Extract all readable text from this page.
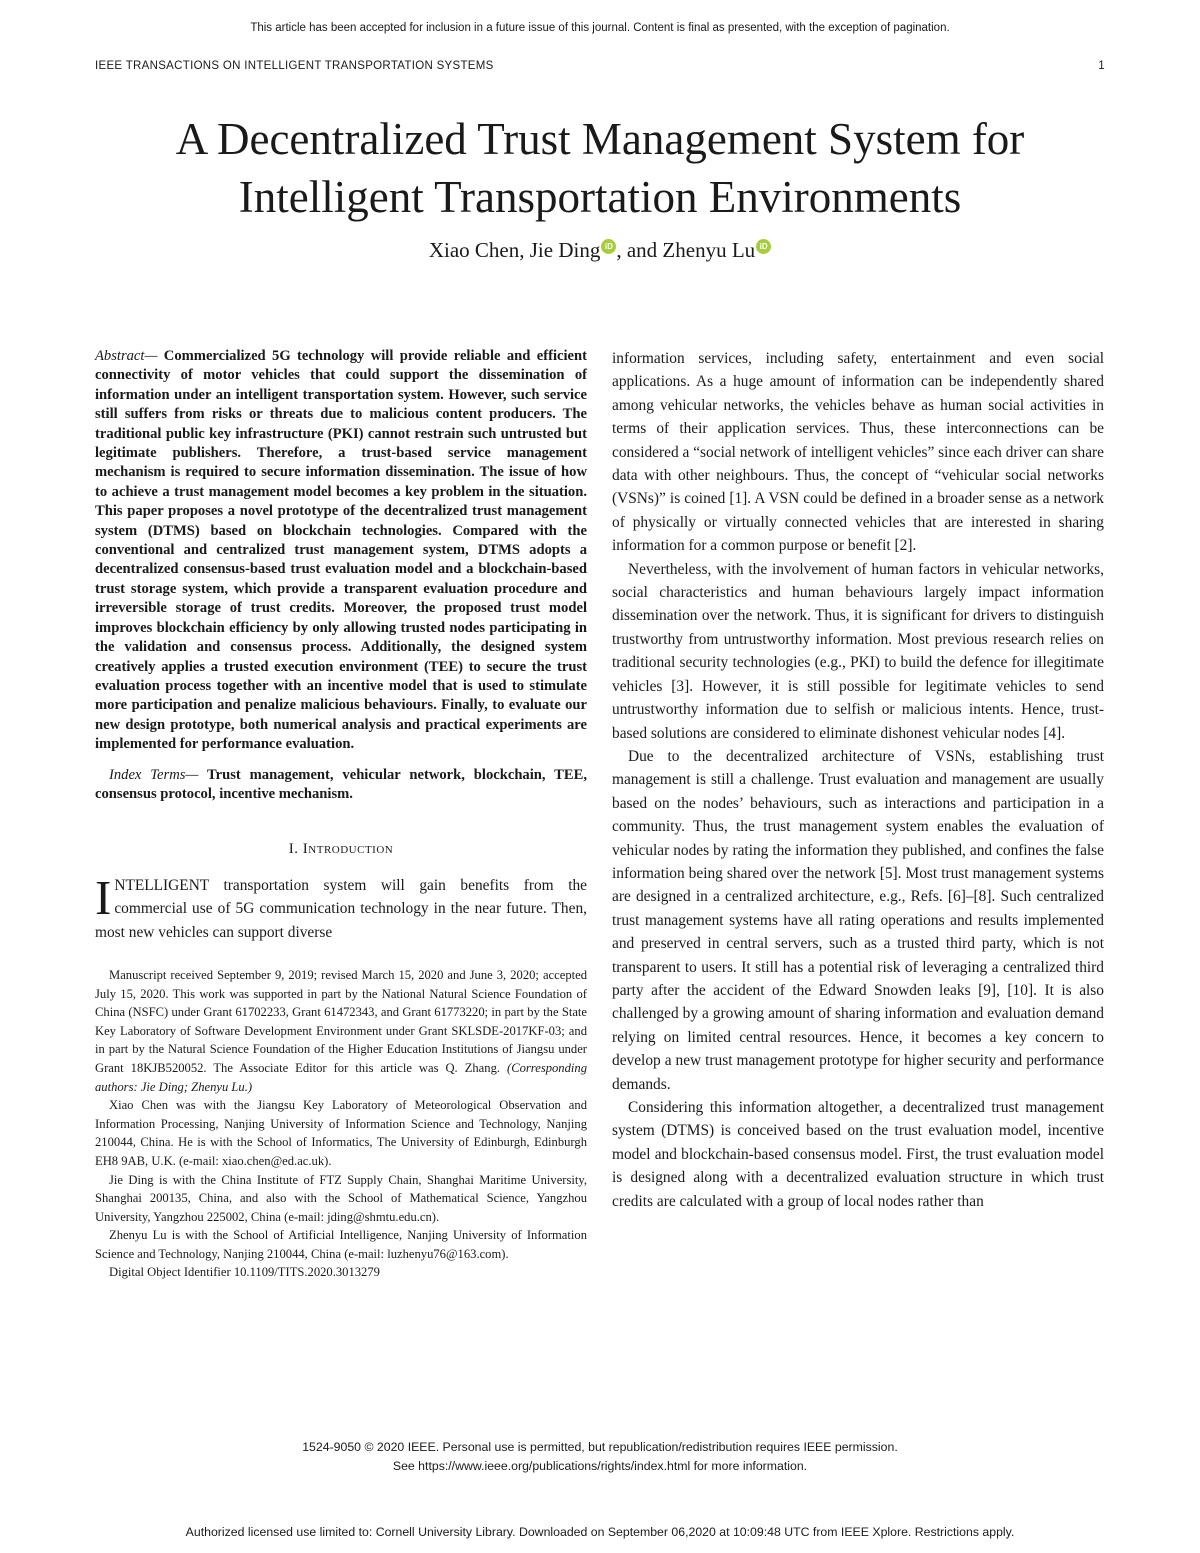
This article has been accepted for inclusion in a future issue of this journal. Content is final as presented, with the exception of pagination.
IEEE TRANSACTIONS ON INTELLIGENT TRANSPORTATION SYSTEMS	1
A Decentralized Trust Management System for
Intelligent Transportation Environments
Xiao Chen, Jie Ding iD , and Zhenyu Lu iD

Abstract— Commercialized 5G technology will provide reliable and efficient connectivity of motor vehicles that could support the dissemination of information under an intelligent transportation system. However, such service still suffers from risks or threats due to malicious content producers. The traditional public key infrastructure (PKI) cannot restrain such untrusted but legitimate publishers. Therefore, a trust-based service management mechanism is required to secure information dissemination. The issue of how to achieve a trust management model becomes a key problem in the situation. This paper proposes a novel prototype of the decentralized trust management system (DTMS) based on blockchain technologies. Compared with the conventional and centralized trust management system, DTMS adopts a decentralized consensus-based trust evaluation model and a blockchain-based trust storage system, which provide a transparent evaluation procedure and irreversible storage of trust credits. Moreover, the proposed trust model improves blockchain efficiency by only allowing trusted nodes participating in the validation and consensus process. Additionally, the designed system creatively applies a trusted execution environment (TEE) to secure the trust evaluation process together with an incentive model that is used to stimulate more participation and penalize malicious behaviours. Finally, to evaluate our new design prototype, both numerical analysis and practical experiments are implemented for performance evaluation.

Index Terms— Trust management, vehicular network, blockchain, TEE, consensus protocol, incentive mechanism.

I. Introduction

INTELLIGENT transportation system will gain benefits from the commercial use of 5G communication technology in the near future. Then, most new vehicles can support diverse

Manuscript received September 9, 2019; revised March 15, 2020 and June 3, 2020; accepted July 15, 2020. This work was supported in part by the National Natural Science Foundation of China (NSFC) under Grant 61702233, Grant 61472343, and Grant 61773220; in part by the State Key Laboratory of Software Development Environment under Grant SKLSDE-2017KF-03; and in part by the Natural Science Foundation of the Higher Education Institutions of Jiangsu under Grant 18KJB520052. The Associate Editor for this article was Q. Zhang. (Corresponding authors: Jie Ding; Zhenyu Lu.)

Xiao Chen was with the Jiangsu Key Laboratory of Meteorological Observation and Information Processing, Nanjing University of Information Science and Technology, Nanjing 210044, China. He is with the School of Informatics, The University of Edinburgh, Edinburgh EH8 9AB, U.K. (e-mail: xiao.chen@ed.ac.uk).

Jie Ding is with the China Institute of FTZ Supply Chain, Shanghai Maritime University, Shanghai 200135, China, and also with the School of Mathematical Science, Yangzhou University, Yangzhou 225002, China (e-mail: jding@shmtu.edu.cn).

Zhenyu Lu is with the School of Artificial Intelligence, Nanjing University of Information Science and Technology, Nanjing 210044, China (e-mail: luzhenyu76@163.com).

Digital Object Identifier 10.1109/TITS.2020.3013279

information services, including safety, entertainment and even social applications. As a huge amount of information can be independently shared among vehicular networks, the vehicles behave as human social activities in terms of their application services. Thus, these interconnections can be considered a “social network of intelligent vehicles” since each driver can share data with other neighbours. Thus, the concept of “vehicular social networks (VSNs)” is coined [1]. A VSN could be defined in a broader sense as a network of physically or virtually connected vehicles that are interested in sharing information for a common purpose or benefit [2].

Nevertheless, with the involvement of human factors in vehicular networks, social characteristics and human behaviours largely impact information dissemination over the network. Thus, it is significant for drivers to distinguish trustworthy from untrustworthy information. Most previous research relies on traditional security technologies (e.g., PKI) to build the defence for illegitimate vehicles [3]. However, it is still possible for legitimate vehicles to send untrustworthy information due to selfish or malicious intents. Hence, trust-based solutions are considered to eliminate dishonest vehicular nodes [4].

Due to the decentralized architecture of VSNs, establishing trust management is still a challenge. Trust evaluation and management are usually based on the nodes’ behaviours, such as interactions and participation in a community. Thus, the trust management system enables the evaluation of vehicular nodes by rating the information they published, and confines the false information being shared over the network [5]. Most trust management systems are designed in a centralized architecture, e.g., Refs. [6]–[8]. Such centralized trust management systems have all rating operations and results implemented and preserved in central servers, such as a trusted third party, which is not transparent to users. It still has a potential risk of leveraging a centralized third party after the accident of the Edward Snowden leaks [9], [10]. It is also challenged by a growing amount of sharing information and evaluation demand relying on limited central resources. Hence, it becomes a key concern to develop a new trust management prototype for higher security and performance demands.

Considering this information altogether, a decentralized trust management system (DTMS) is conceived based on the trust evaluation model, incentive model and blockchain-based consensus model. First, the trust evaluation model is designed along with a decentralized evaluation structure in which trust credits are calculated with a group of local nodes rather than

1524-9050 © 2020 IEEE. Personal use is permitted, but republication/redistribution requires IEEE permission.
See https://www.ieee.org/publications/rights/index.html for more information.
Authorized licensed use limited to: Cornell University Library. Downloaded on September 06,2020 at 10:09:48 UTC from IEEE Xplore. Restrictions apply.
